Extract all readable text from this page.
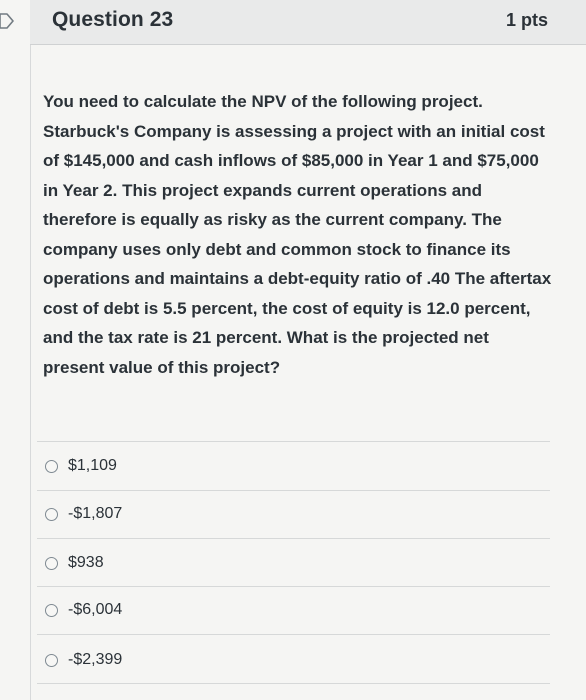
Question 23	1 pts
You need to calculate the NPV of the following project. Starbuck's Company is assessing a project with an initial cost of $145,000 and cash inflows of $85,000 in Year 1 and $75,000 in Year 2. This project expands current operations and therefore is equally as risky as the current company. The company uses only debt and common stock to finance its operations and maintains a debt-equity ratio of .40 The aftertax cost of debt is 5.5 percent, the cost of equity is 12.0 percent, and the tax rate is 21 percent. What is the projected net present value of this project?
$1,109
-$1,807
$938
-$6,004
-$2,399
